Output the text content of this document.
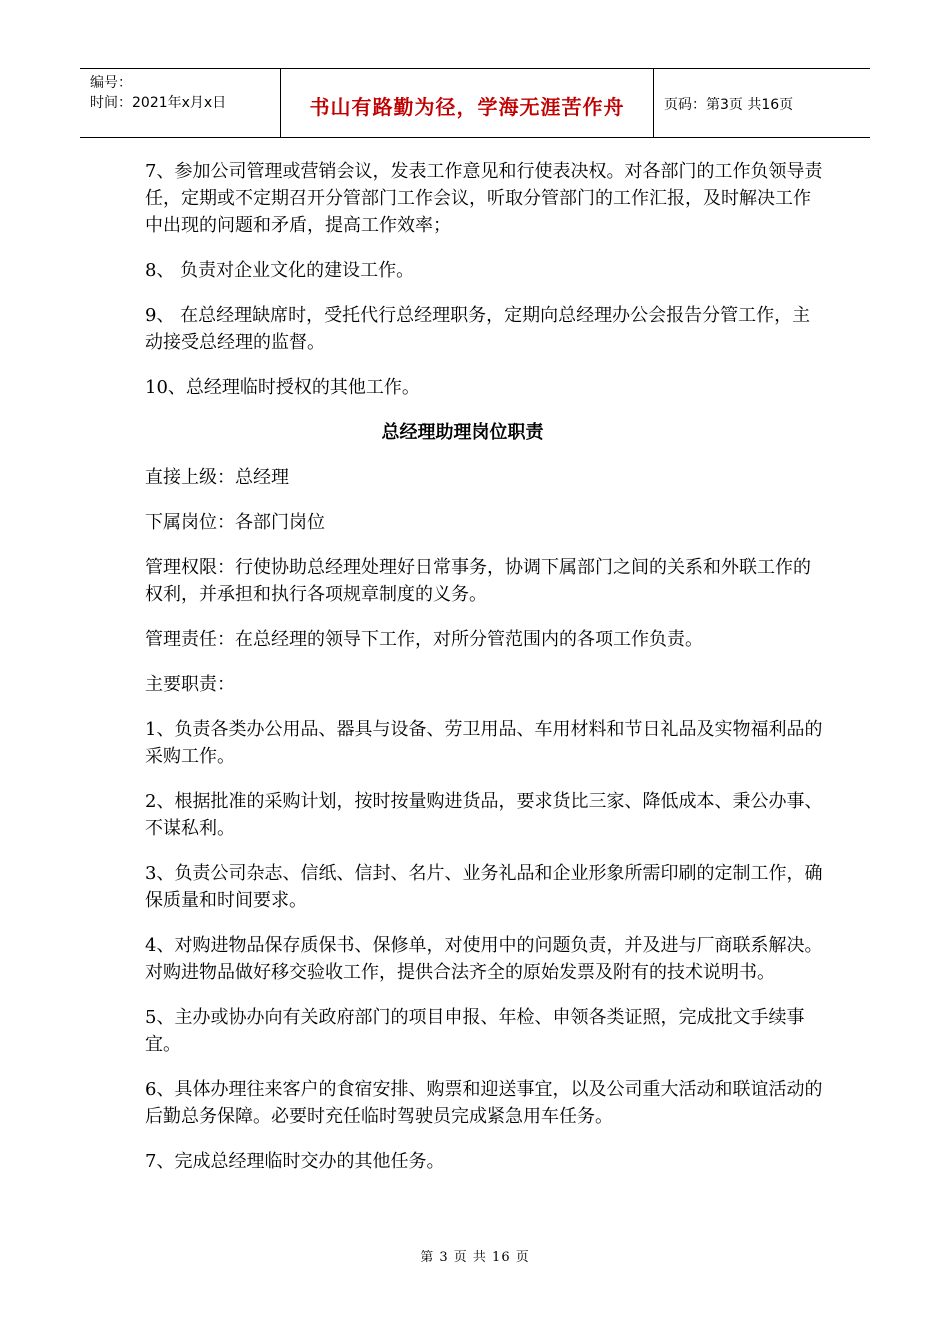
编号：
时间：2021年x月x日	书山有路勤为径，学海无涯苦作舟	页码：第3页 共16页

7、参加公司管理或营销会议，发表工作意见和行使表决权。对各部门的工作负领导责任，定期或不定期召开分管部门工作会议，听取分管部门的工作汇报，及时解决工作中出现的问题和矛盾，提高工作效率；

8、 负责对企业文化的建设工作。

9、 在总经理缺席时，受托代行总经理职务，定期向总经理办公会报告分管工作，主动接受总经理的监督。

10、总经理临时授权的其他工作。

总经理助理岗位职责

直接上级：总经理

下属岗位：各部门岗位

管理权限：行使协助总经理处理好日常事务，协调下属部门之间的关系和外联工作的权利，并承担和执行各项规章制度的义务。

管理责任：在总经理的领导下工作，对所分管范围内的各项工作负责。

主要职责：

1、负责各类办公用品、器具与设备、劳卫用品、车用材料和节日礼品及实物福利品的采购工作。

2、根据批准的采购计划，按时按量购进货品，要求货比三家、降低成本、秉公办事、不谋私利。

3、负责公司杂志、信纸、信封、名片、业务礼品和企业形象所需印刷的定制工作，确保质量和时间要求。

4、对购进物品保存质保书、保修单，对使用中的问题负责，并及进与厂商联系解决。对购进物品做好移交验收工作，提供合法齐全的原始发票及附有的技术说明书。

5、主办或协办向有关政府部门的项目申报、年检、申领各类证照，完成批文手续事宜。

6、具体办理往来客户的食宿安排、购票和迎送事宜，以及公司重大活动和联谊活动的后勤总务保障。必要时充任临时驾驶员完成紧急用车任务。

7、完成总经理临时交办的其他任务。

第 3 页 共 16 页
